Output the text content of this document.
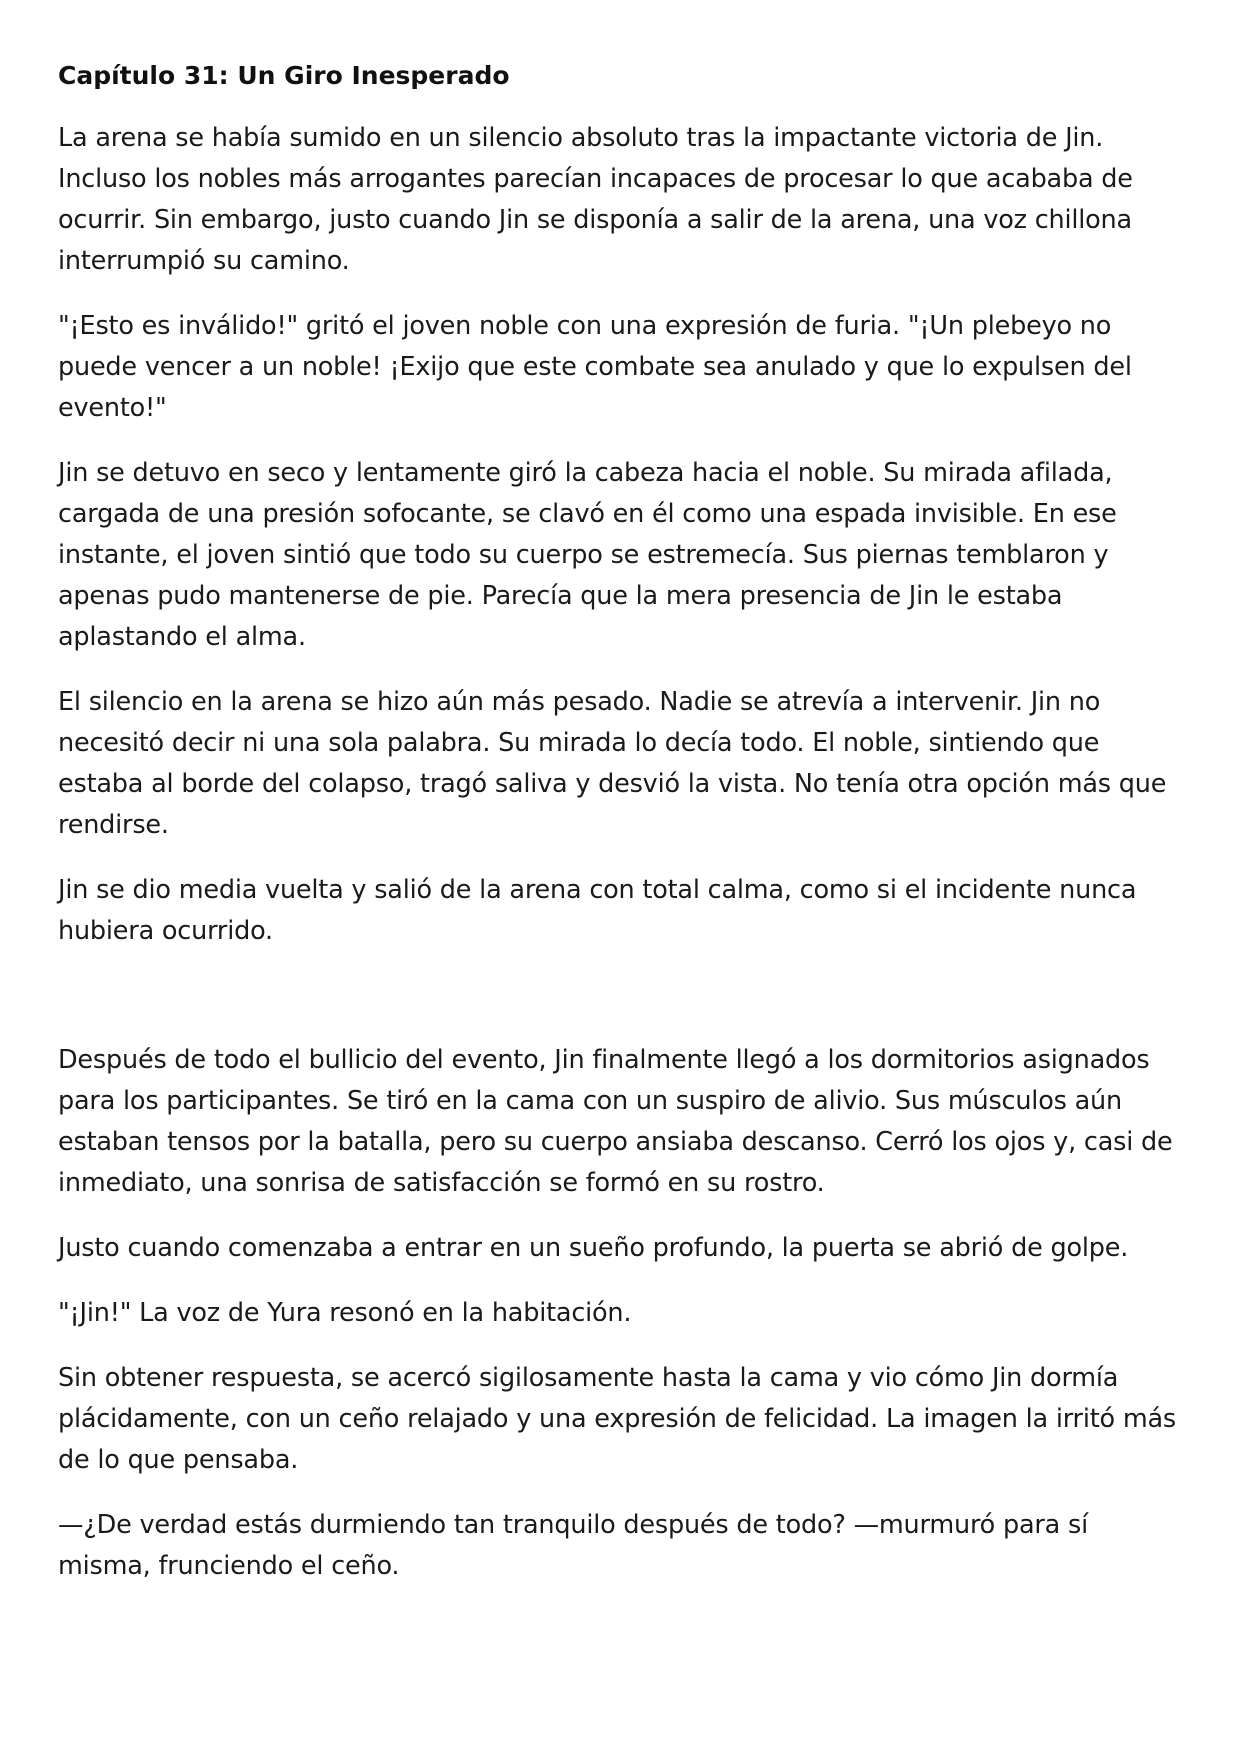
Capítulo 31: Un Giro Inesperado

La arena se había sumido en un silencio absoluto tras la impactante victoria de Jin. Incluso los nobles más arrogantes parecían incapaces de procesar lo que acababa de ocurrir. Sin embargo, justo cuando Jin se disponía a salir de la arena, una voz chillona interrumpió su camino.

"¡Esto es inválido!" gritó el joven noble con una expresión de furia. "¡Un plebeyo no puede vencer a un noble! ¡Exijo que este combate sea anulado y que lo expulsen del evento!"

Jin se detuvo en seco y lentamente giró la cabeza hacia el noble. Su mirada afilada, cargada de una presión sofocante, se clavó en él como una espada invisible. En ese instante, el joven sintió que todo su cuerpo se estremecía. Sus piernas temblaron y apenas pudo mantenerse de pie. Parecía que la mera presencia de Jin le estaba aplastando el alma.

El silencio en la arena se hizo aún más pesado. Nadie se atrevía a intervenir. Jin no necesitó decir ni una sola palabra. Su mirada lo decía todo. El noble, sintiendo que estaba al borde del colapso, tragó saliva y desvió la vista. No tenía otra opción más que rendirse.

Jin se dio media vuelta y salió de la arena con total calma, como si el incidente nunca hubiera ocurrido.

Después de todo el bullicio del evento, Jin finalmente llegó a los dormitorios asignados para los participantes. Se tiró en la cama con un suspiro de alivio. Sus músculos aún estaban tensos por la batalla, pero su cuerpo ansiaba descanso. Cerró los ojos y, casi de inmediato, una sonrisa de satisfacción se formó en su rostro.

Justo cuando comenzaba a entrar en un sueño profundo, la puerta se abrió de golpe.

"¡Jin!" La voz de Yura resonó en la habitación.

Sin obtener respuesta, se acercó sigilosamente hasta la cama y vio cómo Jin dormía plácidamente, con un ceño relajado y una expresión de felicidad. La imagen la irritó más de lo que pensaba.

—¿De verdad estás durmiendo tan tranquilo después de todo? —murmuró para sí misma, frunciendo el ceño.
